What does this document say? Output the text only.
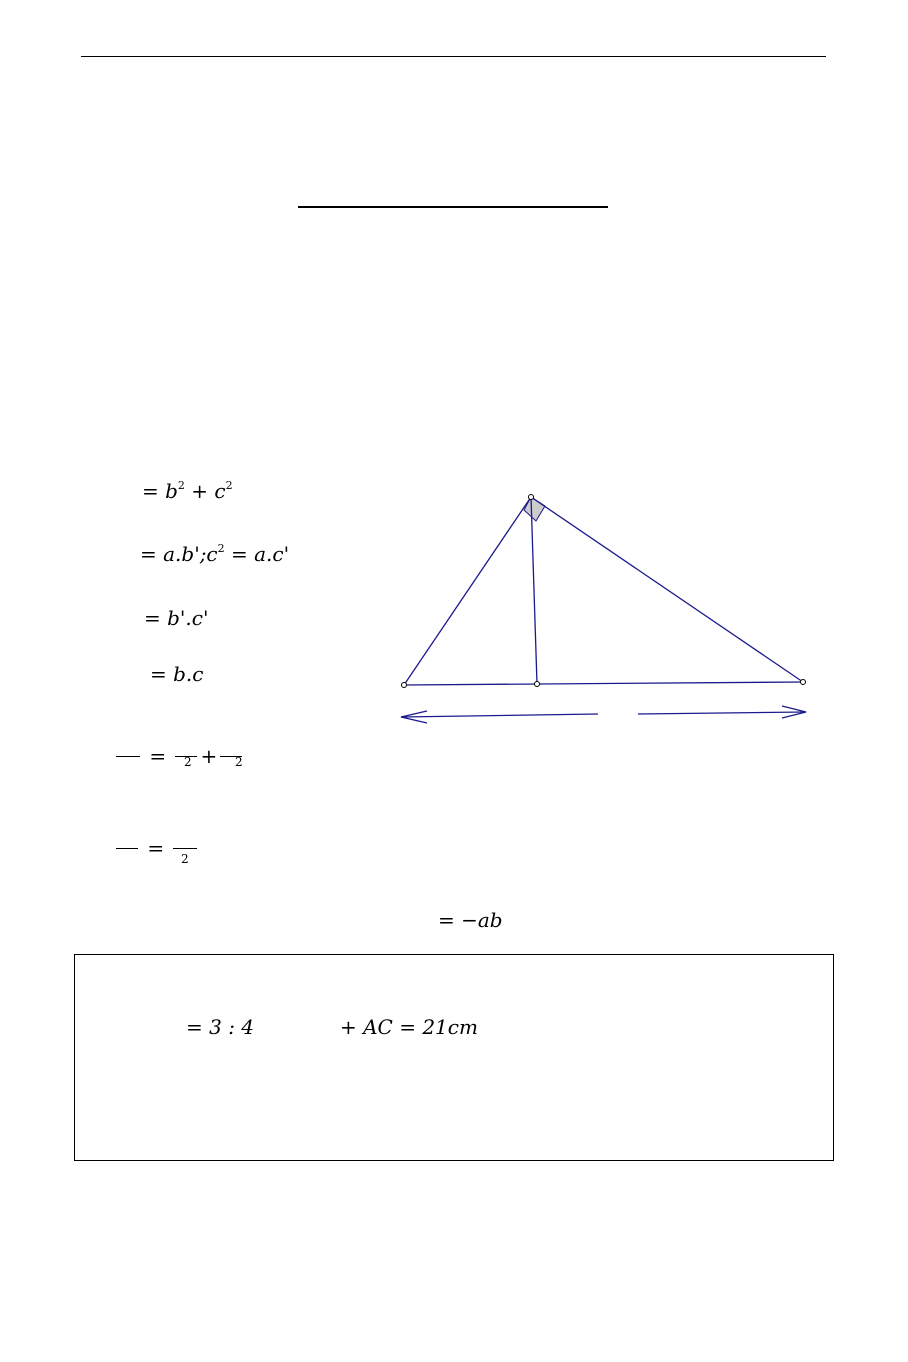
= $b^2 + c^2$
= $a.b';c^2 = a.c'$
= b'.c'
= b.c
= +
2	2
=	2
= −ab
= 3 : 4	+ AC = 21cm
